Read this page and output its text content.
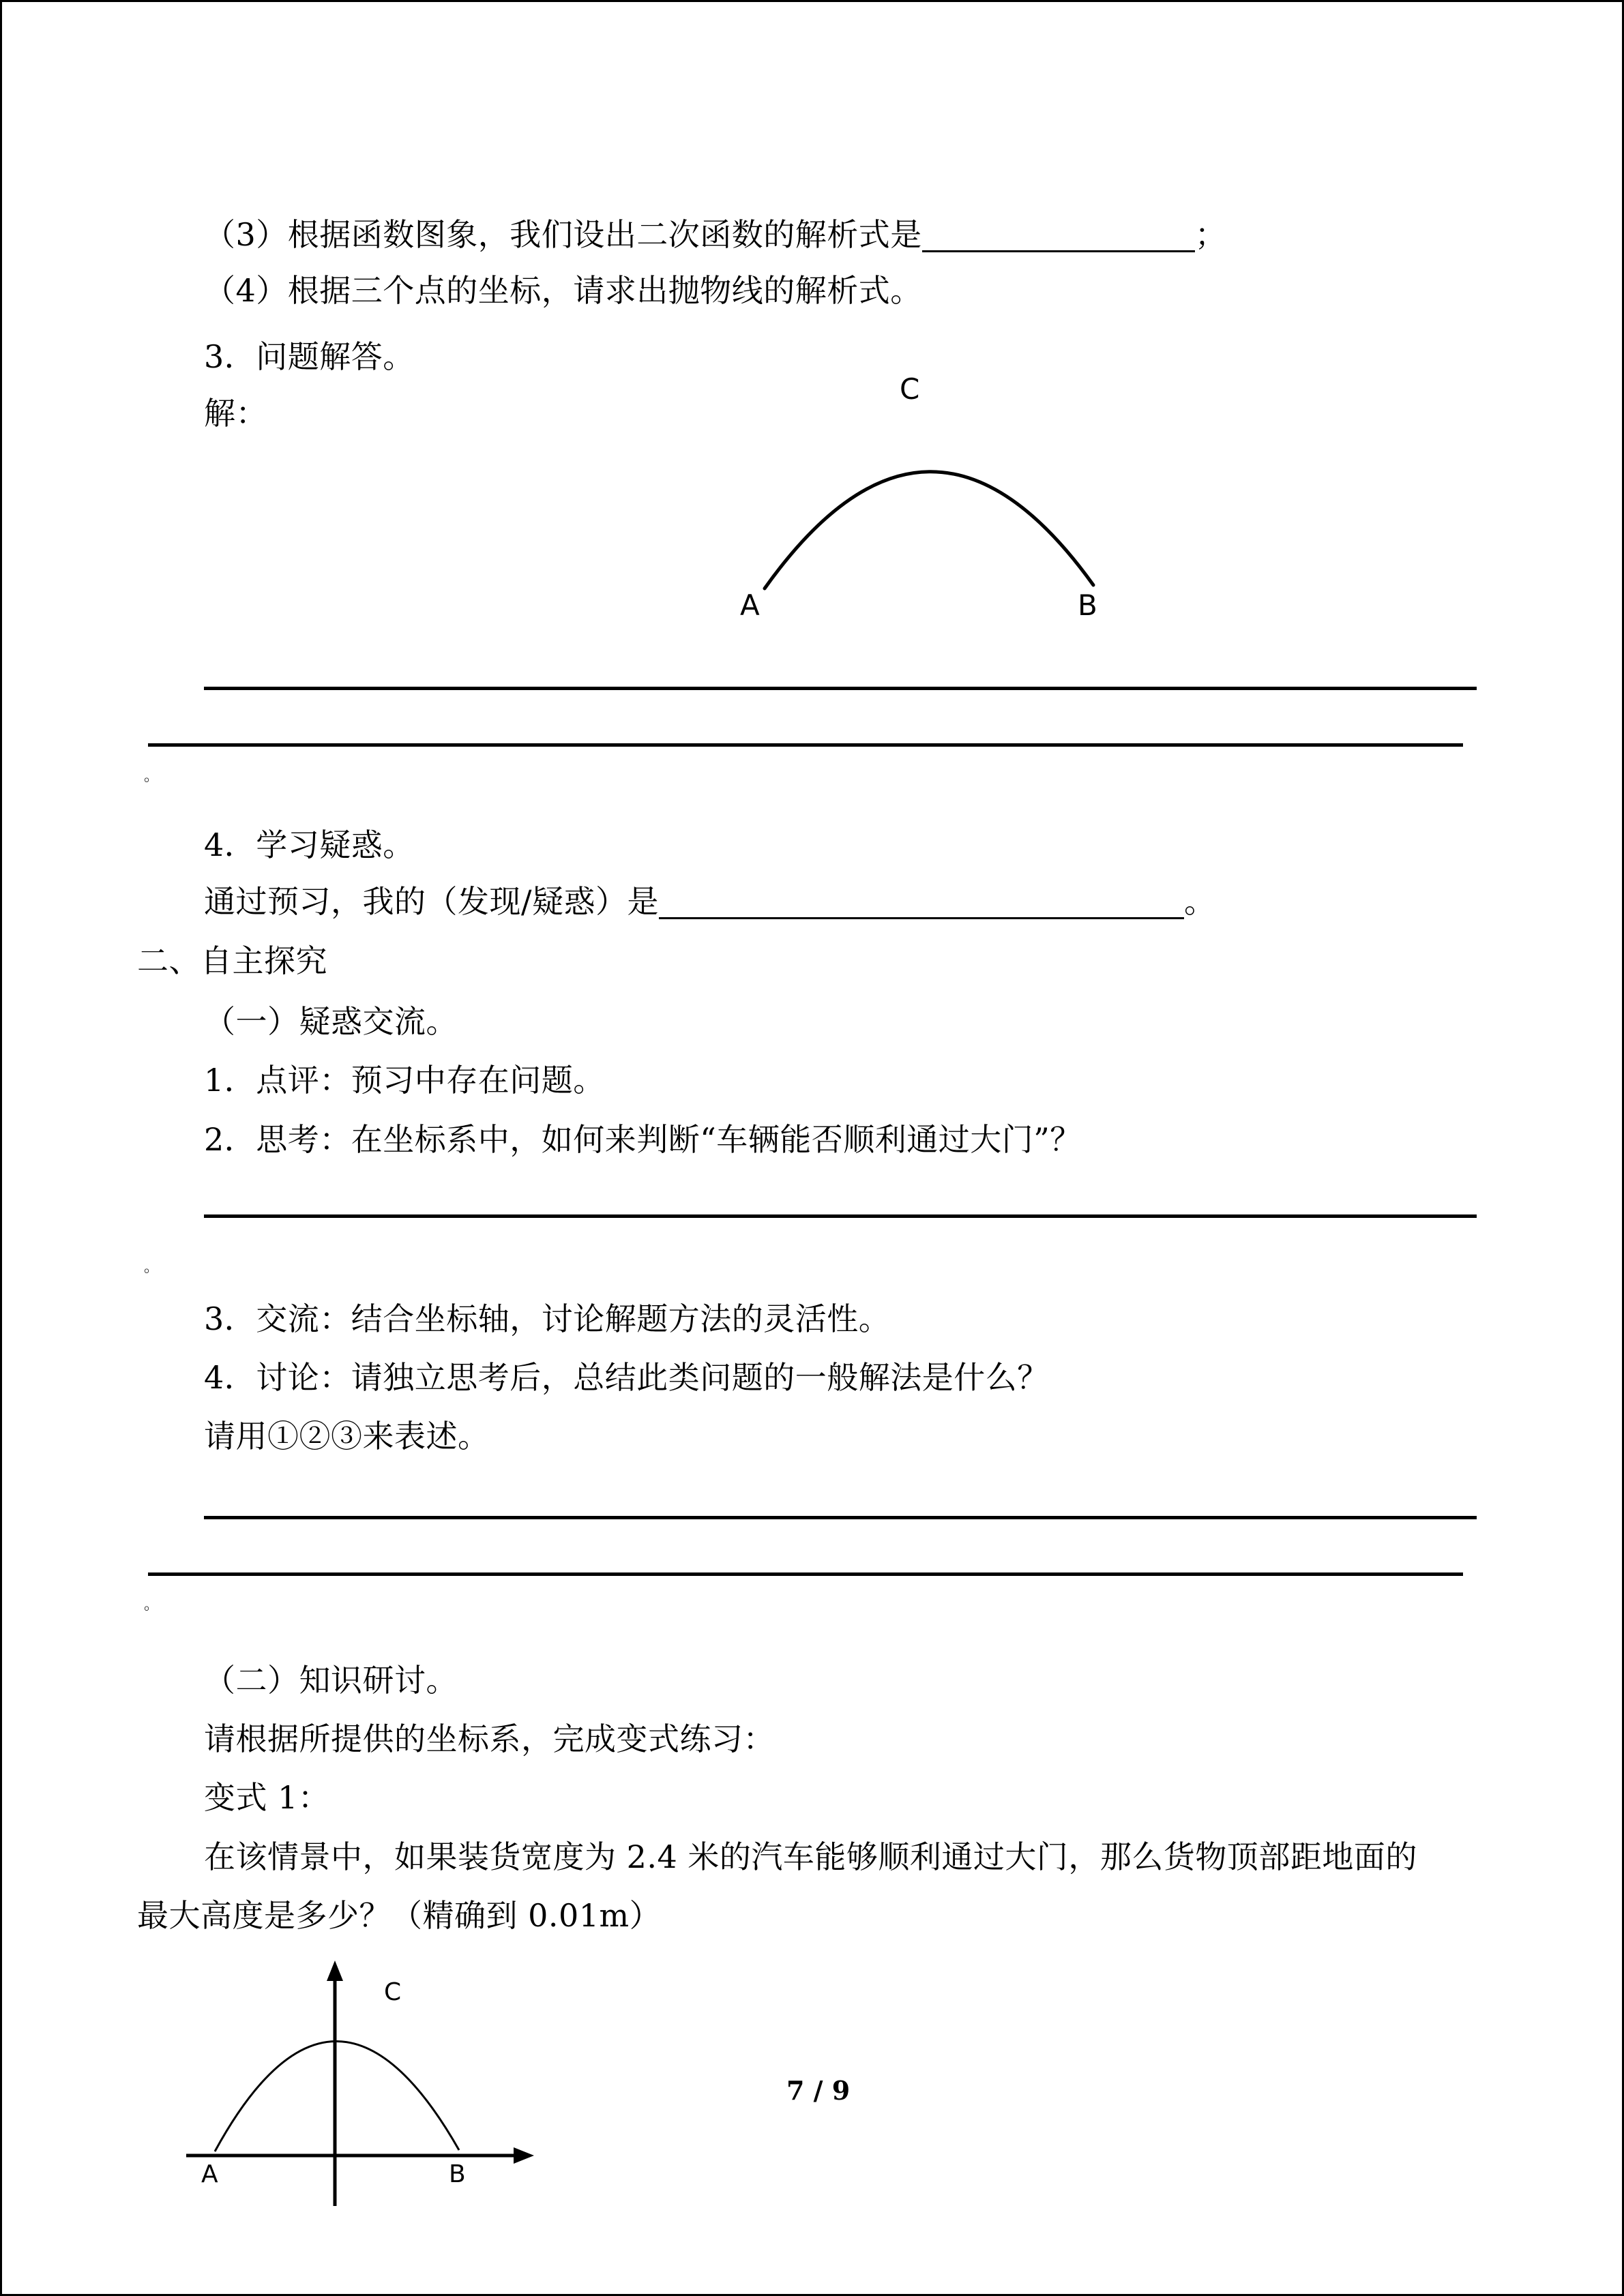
（3）根据函数图象，我们设出二次函数的解析式是	；
（4）根据三个点的坐标，请求出抛物线的解析式。
3．问题解答。
解：
C
A	B
。
4．学习疑惑。
通过预习，我的（发现/疑惑）是	。
二、自主探究
（一）疑惑交流。
1．点评：预习中存在问题。
2．思考：在坐标系中，如何来判断“车辆能否顺利通过大门”？
。
3．交流：结合坐标轴，讨论解题方法的灵活性。
4．讨论：请独立思考后，总结此类问题的一般解法是什么？
请用①②③来表述。
。
（二）知识研讨。
请根据所提供的坐标系，完成变式练习：
变式 1：
在该情景中，如果装货宽度为 2.4 米的汽车能够顺利通过大门，那么货物顶部距地面的
最大高度是多少？（精确到 0.01m）
C
A	B
7 / 9
